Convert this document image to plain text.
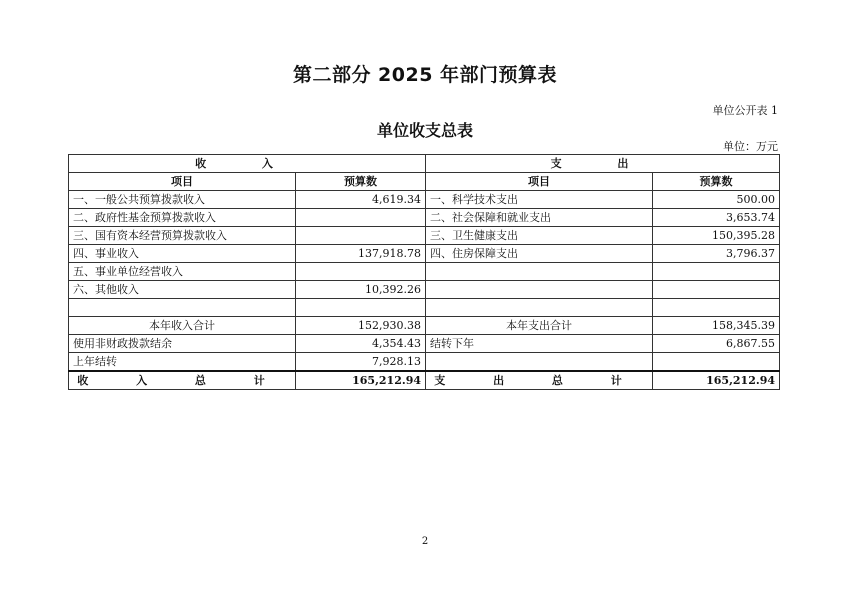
第二部分 2025 年部门预算表
单位公开表 1
单位收支总表
单位：万元
收 入		支 出	
项目	预算数	项目	预算数
一、一般公共预算拨款收入	4,619.34	一、科学技术支出	500.00
二、政府性基金预算拨款收入		二、社会保障和就业支出	3,653.74
三、国有资本经营预算拨款收入		三、卫生健康支出	150,395.28
四、事业收入	137,918.78	四、住房保障支出	3,796.37
五、事业单位经营收入			
六、其他收入	10,392.26		

本年收入合计	152,930.38	本年支出合计	158,345.39
使用非财政拨款结余	4,354.43	结转下年	6,867.55
上年结转	7,928.13		
收 入 总 计	165,212.94	支 出 总 计	165,212.94
2
